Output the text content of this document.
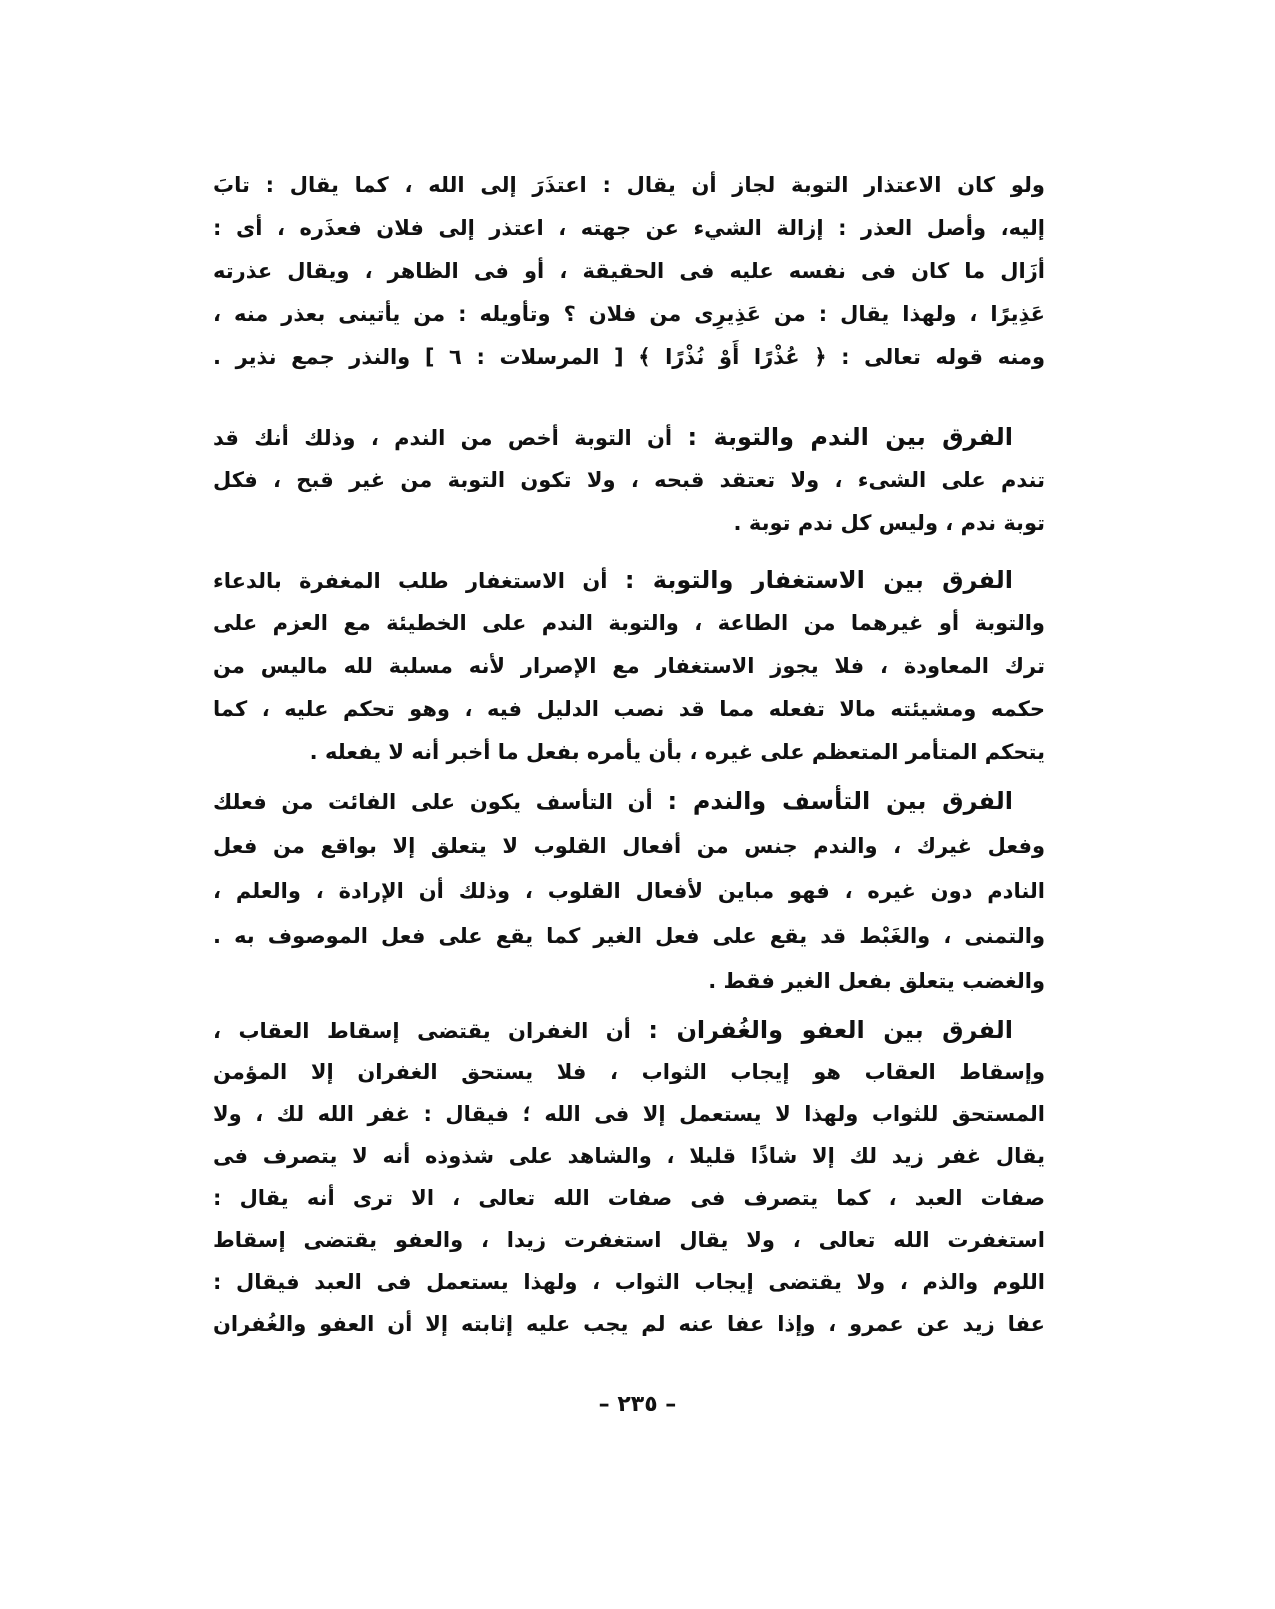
ولو كان الاعتذار التوبة لجاز أن يقال : اعتذَرَ إلى الله ، كما يقال : تابَ
إليه، وأصل العذر : إزالة الشيء عن جهته ، اعتذر إلى فلان فعذَره ، أى :
أزَال ما كان فى نفسه عليه فى الحقيقة ، أو فى الظاهر ، ويقال عذرته
عَذِيرًا ، ولهذا يقال : من عَذِيرِى من فلان ؟ وتأويله : من يأتينى بعذر منه ،
ومنه قوله تعالى : ﴿ عُذْرًا أَوْ نُذْرًا ﴾ [ المرسلات : ٦ ] والنذر جمع نذير .
الفرق بين الندم والتوبة : أن التوبة أخص من الندم ، وذلك أنك قد
تندم على الشىء ، ولا تعتقد قبحه ، ولا تكون التوبة من غير قبح ، فكل
توبة ندم ، وليس كل ندم توبة .
الفرق بين الاستغفار والتوبة : أن الاستغفار طلب المغفرة بالدعاء
والتوبة أو غيرهما من الطاعة ، والتوبة الندم على الخطيئة مع العزم على
ترك المعاودة ، فلا يجوز الاستغفار مع الإصرار لأنه مسلبة لله ماليس من
حكمه ومشيئته مالا تفعله مما قد نصب الدليل فيه ، وهو تحكم عليه ، كما
يتحكم المتأمر المتعظم على غيره ، بأن يأمره بفعل ما أخبر أنه لا يفعله .
الفرق بين التأسف والندم : أن التأسف يكون على الفائت من فعلك
وفعل غيرك ، والندم جنس من أفعال القلوب لا يتعلق إلا بواقع من فعل
النادم دون غيره ، فهو مباين لأفعال القلوب ، وذلك أن الإرادة ، والعلم ،
والتمنى ، والغَبْط قد يقع على فعل الغير كما يقع على فعل الموصوف به .
والغضب يتعلق بفعل الغير فقط .
الفرق بين العفو والغُفران : أن الغفران يقتضى إسقاط العقاب ،
وإسقاط العقاب هو إيجاب الثواب ، فلا يستحق الغفران إلا المؤمن
المستحق للثواب ولهذا لا يستعمل إلا فى الله ؛ فيقال : غفر الله لك ، ولا
يقال غفر زيد لك إلا شاذًا قليلا ، والشاهد على شذوذه أنه لا يتصرف فى
صفات العبد ، كما يتصرف فى صفات الله تعالى ، الا ترى أنه يقال :
استغفرت الله تعالى ، ولا يقال استغفرت زيدا ، والعفو يقتضى إسقاط
اللوم والذم ، ولا يقتضى إيجاب الثواب ، ولهذا يستعمل فى العبد فيقال :
عفا زيد عن عمرو ، وإذا عفا عنه لم يجب عليه إثابته إلا أن العفو والغُفران
– ٢٣٥ –
